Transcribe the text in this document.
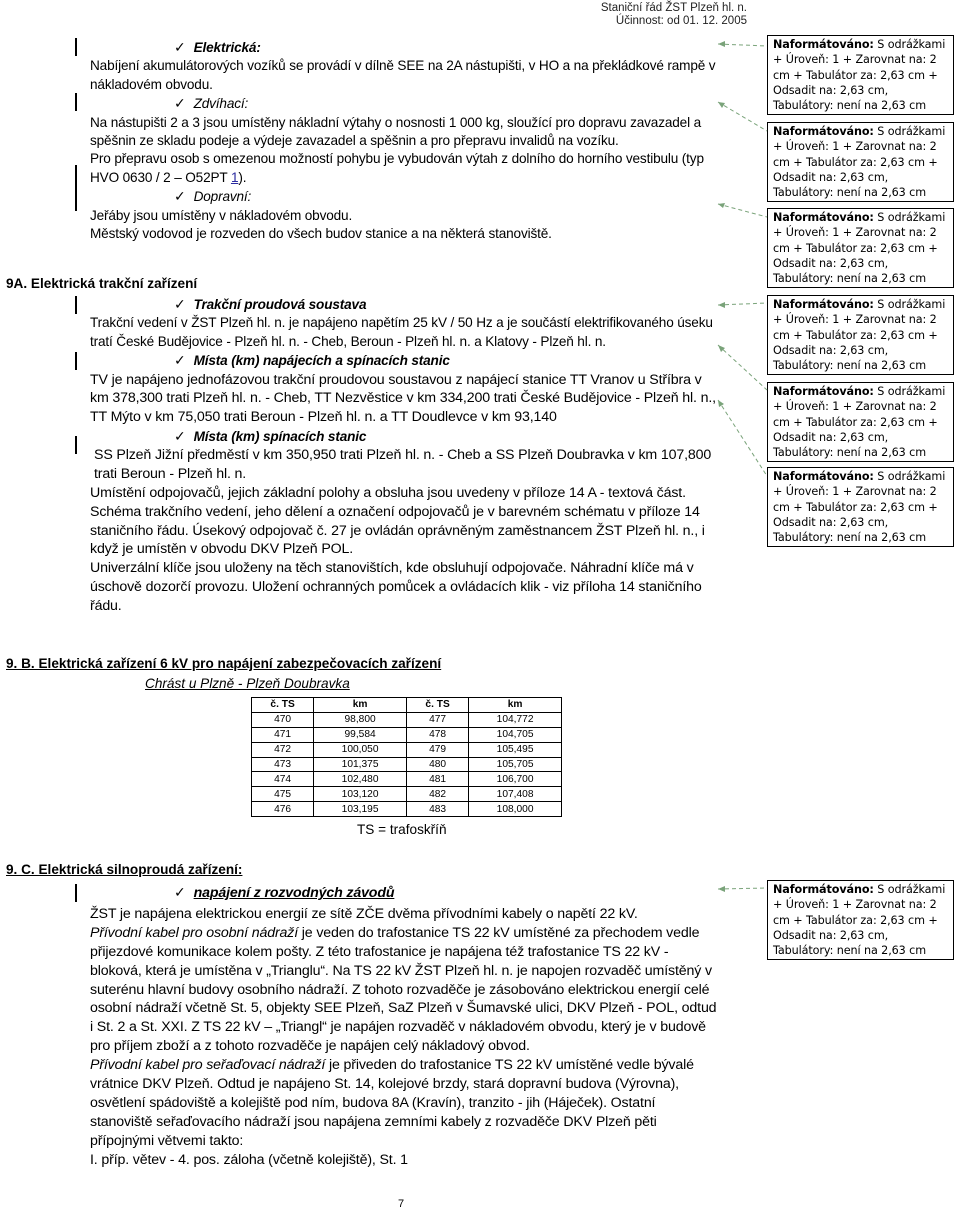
Staniční řád ŽST Plzeň hl. n.
Účinnost: od 01. 12. 2005

✓ Elektrická:

Nabíjení akumulátorových vozíků se provádí v dílně SEE na 2A nástupišti, v HO a na překládkové rampě v nákladovém obvodu.

✓ Zdvíhací:

Na nástupišti 2 a 3 jsou umístěny nákladní výtahy o nosnosti 1 000 kg, sloužící pro dopravu zavazadel a spěšnin ze skladu podeje a výdeje zavazadel a spěšnin a pro přepravu invalidů na vozíku.

Pro přepravu osob s omezenou možností pohybu je vybudován výtah z dolního do horního vestibulu (typ HVO 0630 / 2 – O52PT 1).

✓ Dopravní:

Jeřáby jsou umístěny v nákladovém obvodu.

Městský vodovod je rozveden do všech budov stanice a na některá stanoviště.

9A. Elektrická trakční zařízení

✓ Trakční proudová soustava

Trakční vedení v ŽST Plzeň hl. n. je napájeno napětím 25 kV / 50 Hz a je součástí elektrifikovaného úseku tratí České Budějovice - Plzeň hl. n. - Cheb, Beroun - Plzeň hl. n. a Klatovy - Plzeň hl. n.

✓ Místa (km) napájecích a spínacích stanic

TV je napájeno jednofázovou trakční proudovou soustavou z napájecí stanice TT Vranov u Stříbra v km 378,300 trati Plzeň hl. n. - Cheb, TT Nezvěstice v km 334,200 trati České Budějovice - Plzeň hl. n., TT Mýto v km 75,050 trati Beroun - Plzeň hl. n. a TT Doudlevce v km 93,140

✓ Místa (km) spínacích stanic

SS Plzeň Jižní předměstí v km 350,950 trati Plzeň hl. n. - Cheb a SS Plzeň Doubravka v km 107,800 trati Beroun - Plzeň hl. n.

Umístění odpojovačů, jejich základní polohy a obsluha jsou uvedeny v příloze 14 A - textová část. Schéma trakčního vedení, jeho dělení a označení odpojovačů je v barevném schématu v příloze 14 staničního řádu. Úsekový odpojovač č. 27 je ovládán oprávněným zaměstnancem ŽST Plzeň hl. n., i když je umístěn v obvodu DKV Plzeň POL.

Univerzální klíče jsou uloženy na těch stanovištích, kde obsluhují odpojovače. Náhradní klíče má v úschově dozorčí provozu. Uložení ochranných pomůcek a ovládacích klik - viz příloha 14 staničního řádu.

9. B. Elektrická zařízení 6 kV pro napájení zabezpečovacích zařízení
Chrást u Plzně - Plzeň Doubravka
č. TS	km	č. TS	km
470	98,800	477	104,772
471	99,584	478	104,705
472	100,050	479	105,495
473	101,375	480	105,705
474	102,480	481	106,700
475	103,120	482	107,408
476	103,195	483	108,000
TS = trafoskříň
9. C. Elektrická silnoproudá zařízení:

✓ napájení z rozvodných závodů

ŽST je napájena elektrickou energií ze sítě ZČE dvěma přívodními kabely o napětí 22 kV.

Přívodní kabel pro osobní nádraží je veden do trafostanice TS 22 kV umístěné za přechodem vedle přijezdové komunikace kolem pošty. Z této trafostanice je napájena též trafostanice TS 22 kV - bloková, která je umístěna v „Trianglu“. Na TS 22 kV ŽST Plzeň hl. n. je napojen rozvaděč umístěný v suterénu hlavní budovy osobního nádraží. Z tohoto rozvaděče je zásobováno elektrickou energií celé osobní nádraží včetně St. 5, objekty SEE Plzeň, SaZ Plzeň v Šumavské ulici, DKV Plzeň - POL, odtud i St. 2 a St. XXI. Z TS 22 kV – „Triangl“ je napájen rozvaděč v nákladovém obvodu, který je v budově pro příjem zboží a z tohoto rozvaděče je napájen celý nákladový obvod.

Přívodní kabel pro seřaďovací nádraží je přiveden do trafostanice TS 22 kV umístěné vedle bývalé vrátnice DKV Plzeň. Odtud je napájeno St. 14, kolejové brzdy, stará dopravní budova (Výrovna), osvětlení spádoviště a kolejiště pod ním, budova 8A (Kravín), tranzito - jih (Háječek). Ostatní stanoviště seřaďovacího nádraží jsou napájena zemními kabely z rozvaděče DKV Plzeň pěti přípojnými větvemi takto:

I. příp. větev - 4. pos. záloha (včetně kolejiště), St. 1

Naformátováno: S odrážkami + Úroveň: 1 + Zarovnat na: 2 cm + Tabulátor za: 2,63 cm + Odsadit na: 2,63 cm, Tabulátory: není na 2,63 cm
Naformátováno: S odrážkami + Úroveň: 1 + Zarovnat na: 2 cm + Tabulátor za: 2,63 cm + Odsadit na: 2,63 cm, Tabulátory: není na 2,63 cm
Naformátováno: S odrážkami + Úroveň: 1 + Zarovnat na: 2 cm + Tabulátor za: 2,63 cm + Odsadit na: 2,63 cm, Tabulátory: není na 2,63 cm
Naformátováno: S odrážkami + Úroveň: 1 + Zarovnat na: 2 cm + Tabulátor za: 2,63 cm + Odsadit na: 2,63 cm, Tabulátory: není na 2,63 cm
Naformátováno: S odrážkami + Úroveň: 1 + Zarovnat na: 2 cm + Tabulátor za: 2,63 cm + Odsadit na: 2,63 cm, Tabulátory: není na 2,63 cm
Naformátováno: S odrážkami + Úroveň: 1 + Zarovnat na: 2 cm + Tabulátor za: 2,63 cm + Odsadit na: 2,63 cm, Tabulátory: není na 2,63 cm
Naformátováno: S odrážkami + Úroveň: 1 + Zarovnat na: 2 cm + Tabulátor za: 2,63 cm + Odsadit na: 2,63 cm, Tabulátory: není na 2,63 cm
7
